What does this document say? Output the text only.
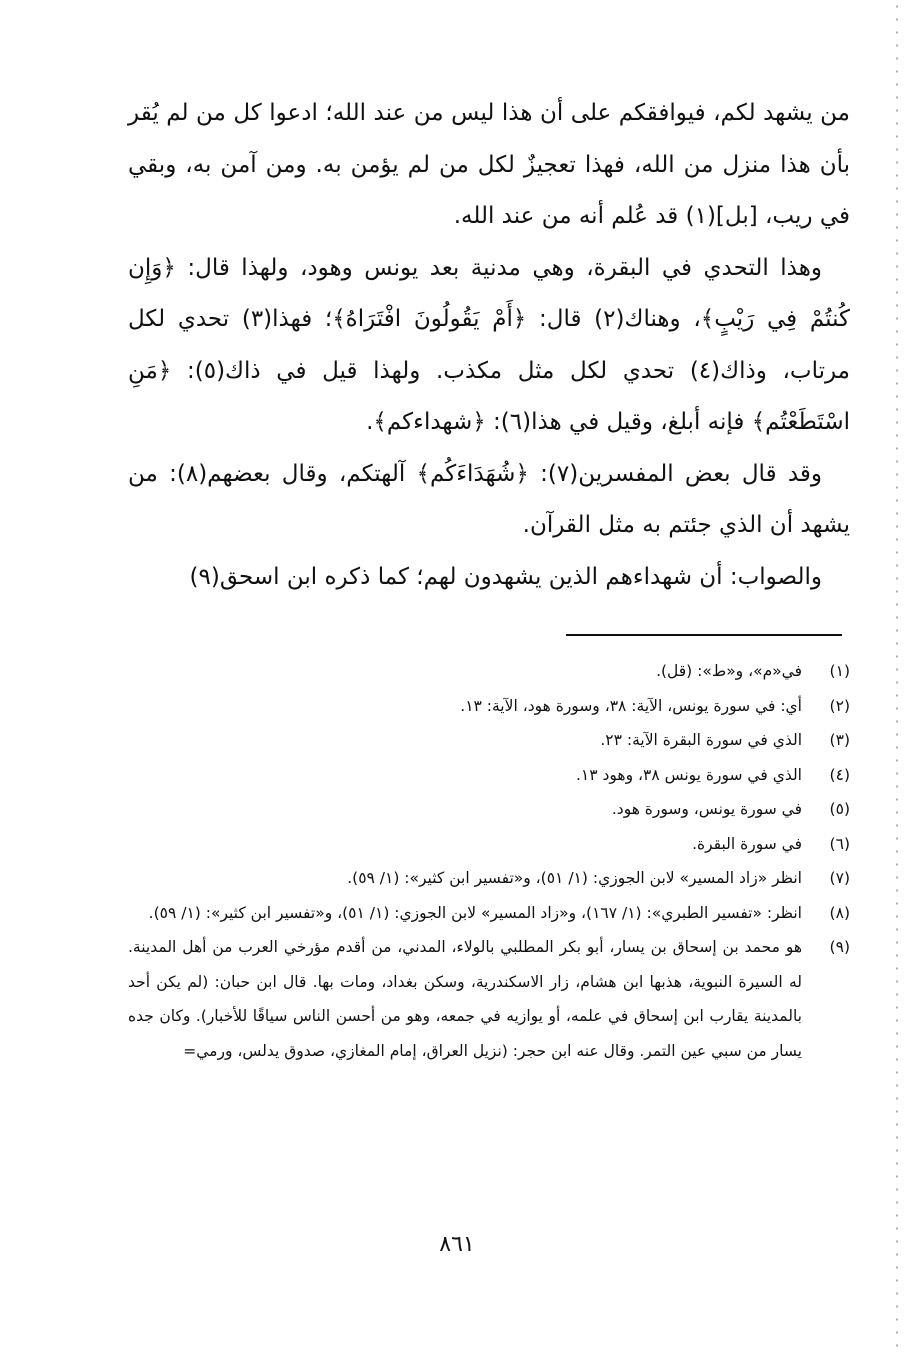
من يشهد لكم، فيوافقكم على أن هذا ليس من عند الله؛ ادعوا كل من لم يُقر بأن هذا منزل من الله، فهذا تعجيزٌ لكل من لم يؤمن به. ومن آمن به، وبقي في ريب، [بل](١) قد عُلم أنه من عند الله.

وهذا التحدي في البقرة، وهي مدنية بعد يونس وهود، ولهذا قال: ﴿وَإِن كُنتُمْ فِي رَيْبٍ﴾، وهناك(٢) قال: ﴿أَمْ يَقُولُونَ افْتَرَاهُ﴾؛ فهذا(٣) تحدي لكل مرتاب، وذاك(٤) تحدي لكل مثل مكذب. ولهذا قيل في ذاك(٥): ﴿مَنِ اسْتَطَعْتُم﴾ فإنه أبلغ، وقيل في هذا(٦): ﴿شهداءكم﴾.

وقد قال بعض المفسرين(٧): ﴿شُهَدَاءَكُم﴾ آلهتكم، وقال بعضهم(٨): من يشهد أن الذي جئتم به مثل القرآن.

والصواب: أن شهداءهم الذين يشهدون لهم؛ كما ذكره ابن اسحق(٩)

(١)
في«م»، و«ط»: (قل).
(٢)
أي: في سورة يونس، الآية: ٣٨، وسورة هود، الآية: ١٣.
(٣)
الذي في سورة البقرة الآية: ٢٣.
(٤)
الذي في سورة يونس ٣٨، وهود ١٣.
(٥)
في سورة يونس، وسورة هود.
(٦)
في سورة البقرة.
(٧)
انظر «زاد المسير» لابن الجوزي: (١/ ٥١)، و«تفسير ابن كثير»: (١/ ٥٩).
(٨)
انظر: «تفسير الطبري»: (١/ ١٦٧)، و«زاد المسير» لابن الجوزي: (١/ ٥١)، و«تفسير ابن كثير»: (١/ ٥٩).
(٩)
هو محمد بن إسحاق بن يسار، أبو بكر المطلبي بالولاء، المدني، من أقدم مؤرخي العرب من أهل المدينة. له السيرة النبوية، هذبها ابن هشام، زار الاسكندرية، وسكن بغداد، ومات بها. قال ابن حبان: (لم يكن أحد بالمدينة يقارب ابن إسحاق في علمه، أو يوازيه في جمعه، وهو من أحسن الناس سياقًا للأخبار). وكان جده يسار من سبي عين التمر. وقال عنه ابن حجر: (نزيل العراق، إمام المغازي، صدوق يدلس، ورمي=
٨٦١
